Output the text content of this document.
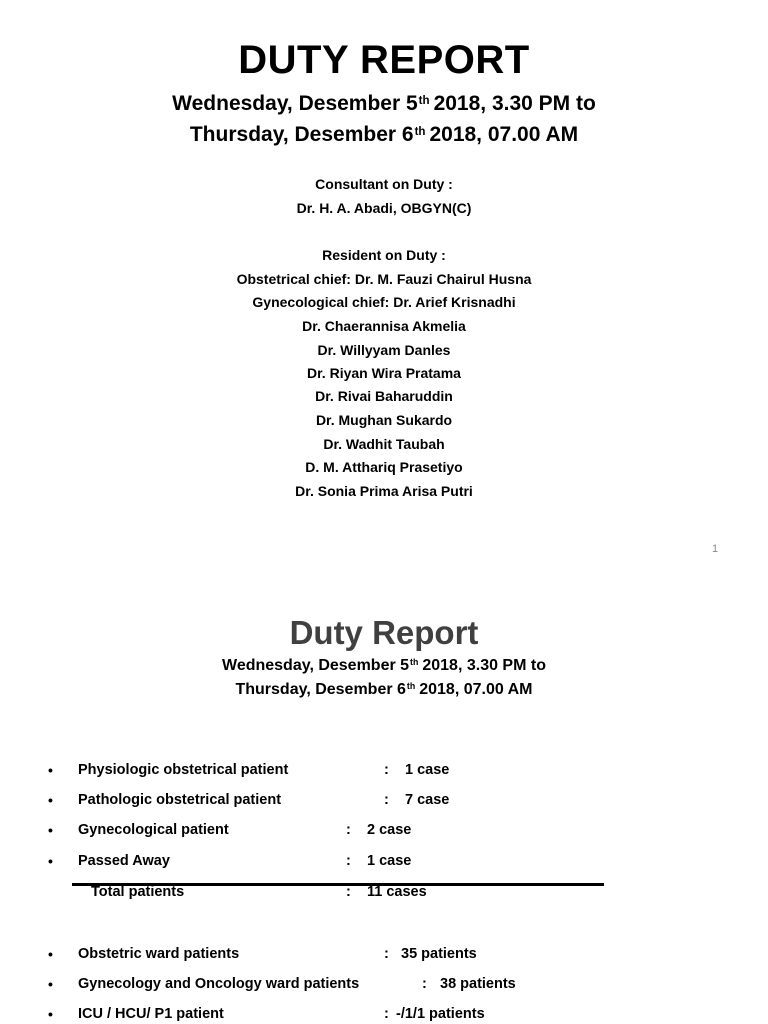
DUTY REPORT
Wednesday, Desember 5th 2018, 3.30 PM to
Thursday, Desember 6th 2018, 07.00 AM
Consultant on Duty :
Dr. H. A. Abadi, OBGYN(C)
Resident on Duty :
Obstetrical chief: Dr. M. Fauzi Chairul Husna
Gynecological chief: Dr. Arief Krisnadhi
Dr. Chaerannisa Akmelia
Dr. Willyyam Danles
Dr. Riyan Wira Pratama
Dr. Rivai Baharuddin
Dr. Mughan Sukardo
Dr. Wadhit Taubah
D. M. Atthariq Prasetiyo
Dr. Sonia Prima Arisa Putri
1
Duty Report
Wednesday, Desember 5th 2018, 3.30 PM to
Thursday, Desember 6th 2018, 07.00 AM
• Physiologic obstetrical patient	: 1 case
• Pathologic obstetrical patient	: 7 case
• Gynecological patient	: 2 case
• Passed Away	: 1 case
Total patients	: 11 cases
• Obstetric ward patients	: 35 patients
• Gynecology and Oncology ward patients	: 38 patients
• ICU / HCU/ P1 patient	: -/1/1 patients
